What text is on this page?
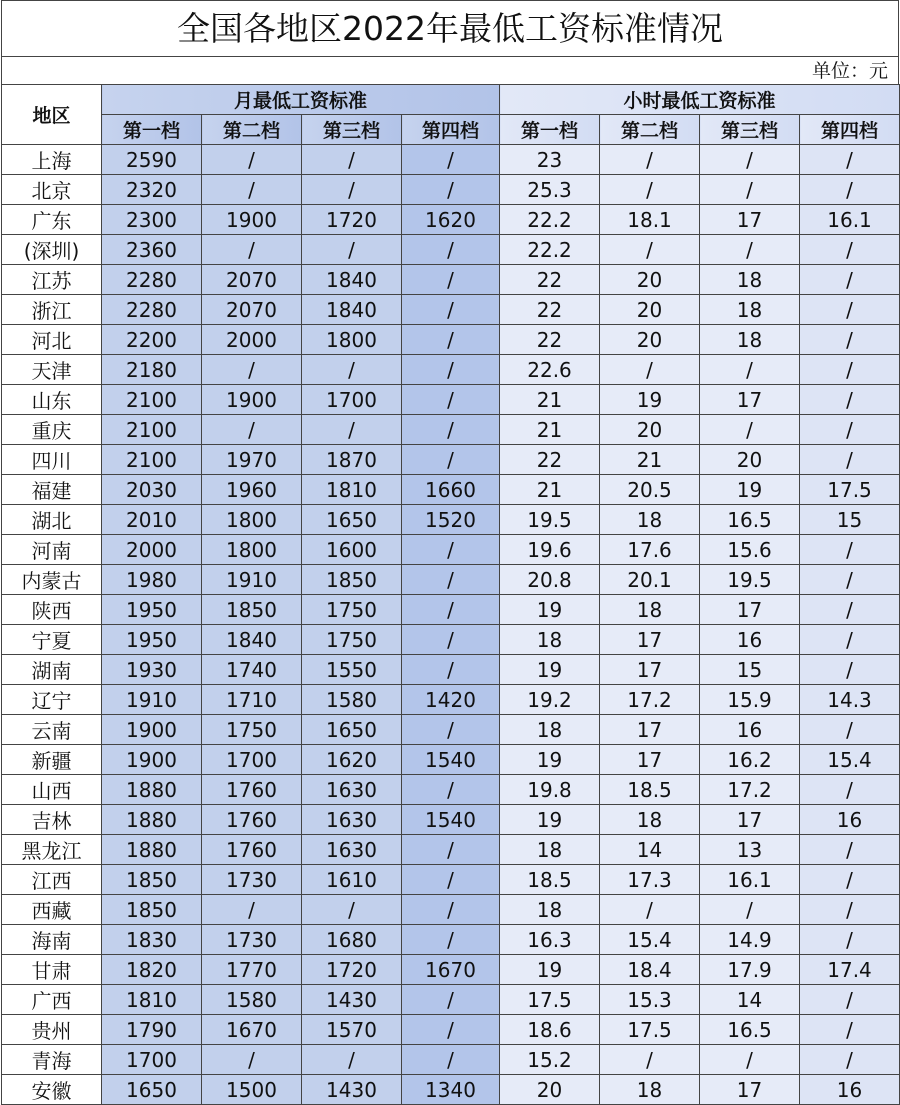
全国各地区2022年最低工资标准情况
单位：元
地区	月最低工资标准				小时最低工资标准			
	第一档	第二档	第三档	第四档	第一档	第二档	第三档	第四档
上海	2590	/	/	/	23	/	/	/
北京	2320	/	/	/	25.3	/	/	/
广东	2300	1900	1720	1620	22.2	18.1	17	16.1
(深圳)	2360	/	/	/	22.2	/	/	/
江苏	2280	2070	1840	/	22	20	18	/
浙江	2280	2070	1840	/	22	20	18	/
河北	2200	2000	1800	/	22	20	18	/
天津	2180	/	/	/	22.6	/	/	/
山东	2100	1900	1700	/	21	19	17	/
重庆	2100	/	/	/	21	20	/	/
四川	2100	1970	1870	/	22	21	20	/
福建	2030	1960	1810	1660	21	20.5	19	17.5
湖北	2010	1800	1650	1520	19.5	18	16.5	15
河南	2000	1800	1600	/	19.6	17.6	15.6	/
内蒙古	1980	1910	1850	/	20.8	20.1	19.5	/
陕西	1950	1850	1750	/	19	18	17	/
宁夏	1950	1840	1750	/	18	17	16	/
湖南	1930	1740	1550	/	19	17	15	/
辽宁	1910	1710	1580	1420	19.2	17.2	15.9	14.3
云南	1900	1750	1650	/	18	17	16	/
新疆	1900	1700	1620	1540	19	17	16.2	15.4
山西	1880	1760	1630	/	19.8	18.5	17.2	/
吉林	1880	1760	1630	1540	19	18	17	16
黑龙江	1880	1760	1630	/	18	14	13	/
江西	1850	1730	1610	/	18.5	17.3	16.1	/
西藏	1850	/	/	/	18	/	/	/
海南	1830	1730	1680	/	16.3	15.4	14.9	/
甘肃	1820	1770	1720	1670	19	18.4	17.9	17.4
广西	1810	1580	1430	/	17.5	15.3	14	/
贵州	1790	1670	1570	/	18.6	17.5	16.5	/
青海	1700	/	/	/	15.2	/	/	/
安徽	1650	1500	1430	1340	20	18	17	16
